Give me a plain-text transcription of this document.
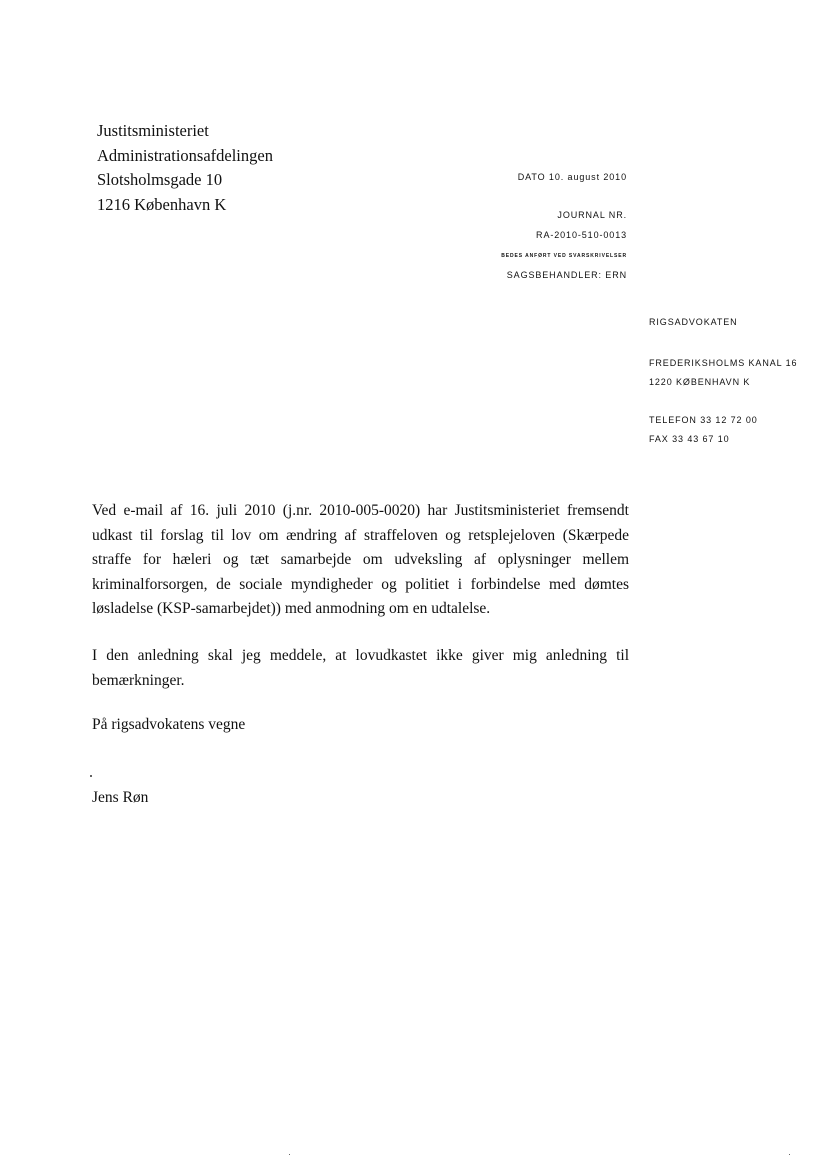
Justitsministeriet
Administrationsafdelingen
Slotsholmsgade 10
1216 København K
DATO 10. august 2010
JOURNAL NR.
RA-2010-510-0013
BEDES ANFØRT VED SVARSKRIVELSER
SAGSBEHANDLER: ERN
RIGSADVOKATEN
FREDERIKSHOLMS KANAL 16
1220 KØBENHAVN K
TELEFON 33 12 72 00
FAX 33 43 67 10
Ved e-mail af 16. juli 2010 (j.nr. 2010-005-0020) har Justitsministeriet fremsendt udkast til forslag til lov om ændring af straffeloven og retsplejeloven (Skærpede straffe for hæleri og tæt samarbejde om udveksling af oplysninger mellem kriminalforsorgen, de sociale myndigheder og politiet i forbindelse med dømtes løsladelse (KSP-samarbejdet)) med anmodning om en udtalelse.
I den anledning skal jeg meddele, at lovudkastet ikke giver mig anledning til bemærkninger.
På rigsadvokatens vegne
Jens Røn
